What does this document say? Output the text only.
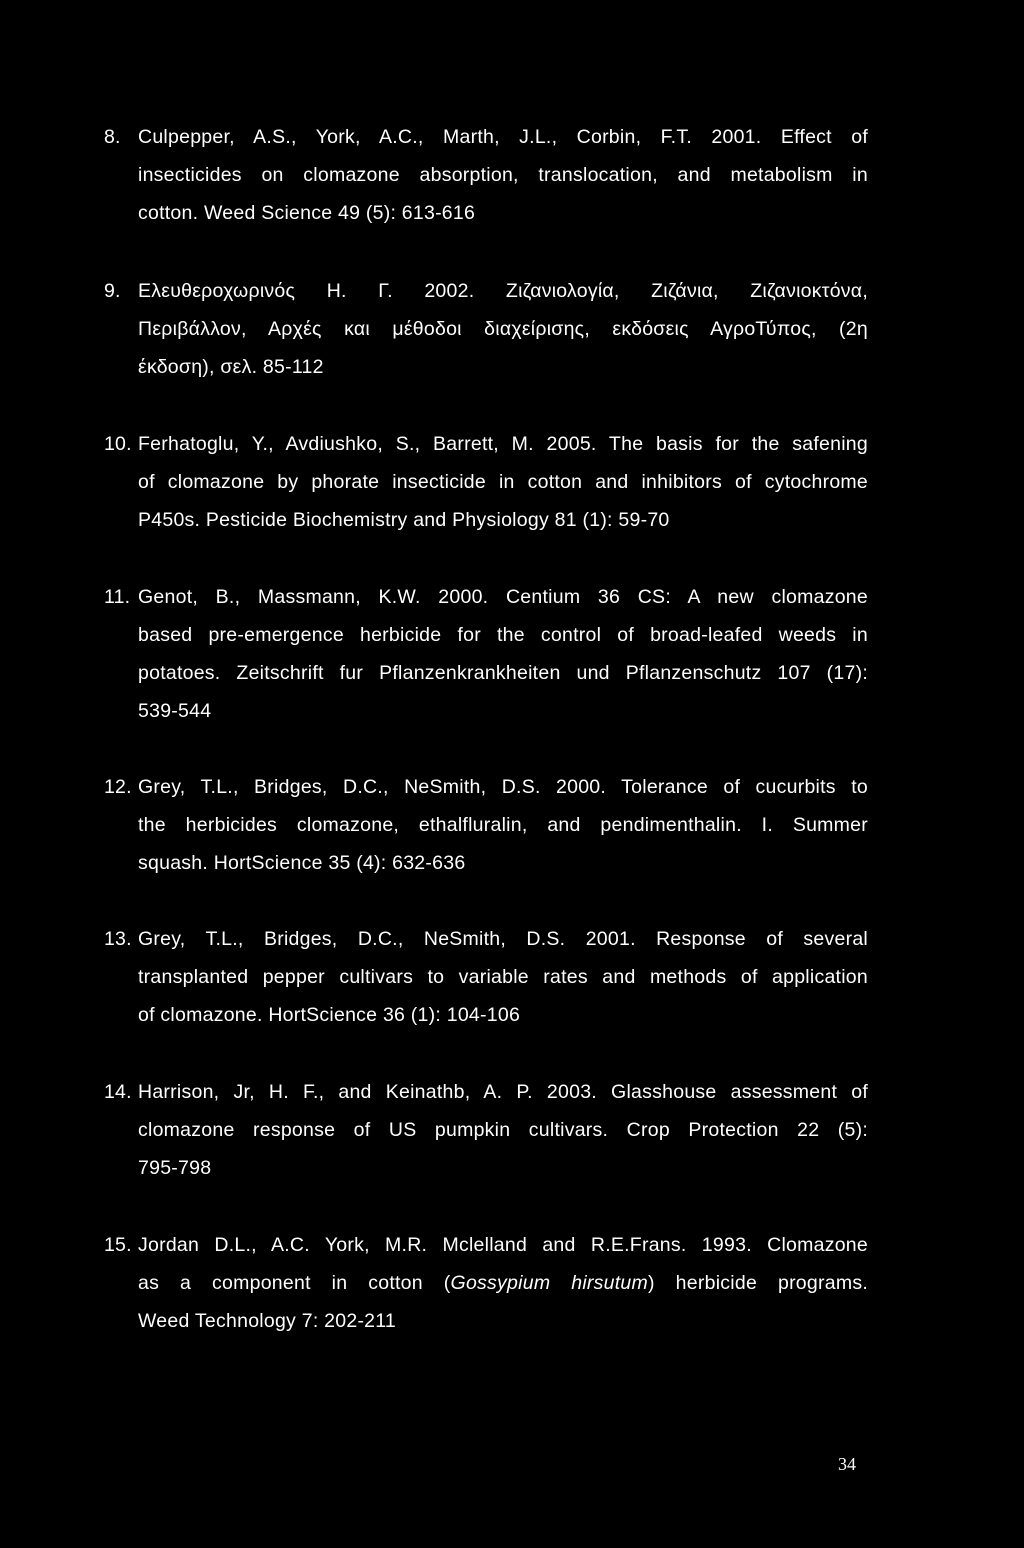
8. Culpepper, A.S., York, A.C., Marth, J.L., Corbin, F.T. 2001. Effect of
insecticides on clomazone absorption, translocation, and metabolism in
cotton. Weed Science 49 (5): 613-616
9. Ελευθεροχωρινός Η. Γ. 2002. Ζιζανιολογία, Ζιζάνια, Ζιζανιοκτόνα,
Περιβάλλον, Αρχές και μέθοδοι διαχείρισης, εκδόσεις ΑγροΤύπος, (2η
έκδοση), σελ. 85-112
10. Ferhatoglu, Y., Avdiushko, S., Barrett, M. 2005. The basis for the safening
of clomazone by phorate insecticide in cotton and inhibitors of cytochrome
P450s. Pesticide Biochemistry and Physiology 81 (1): 59-70
11. Genot, B., Massmann, K.W. 2000. Centium 36 CS: A new clomazone
based pre-emergence herbicide for the control of broad-leafed weeds in
potatoes. Zeitschrift fur Pflanzenkrankheiten und Pflanzenschutz 107 (17):
539-544
12. Grey, T.L., Bridges, D.C., NeSmith, D.S. 2000. Tolerance of cucurbits to
the herbicides clomazone, ethalfluralin, and pendimenthalin. I. Summer
squash. HortScience 35 (4): 632-636
13. Grey, T.L., Bridges, D.C., NeSmith, D.S. 2001. Response of several
transplanted pepper cultivars to variable rates and methods of application
of clomazone. HortScience 36 (1): 104-106
14. Harrison, Jr, H. F., and Keinathb, A. P. 2003. Glasshouse assessment of
clomazone response of US pumpkin cultivars. Crop Protection 22 (5):
795-798
15. Jordan D.L., A.C. York, M.R. Mclelland and R.E.Frans. 1993. Clomazone
as a component in cotton (Gossypium hirsutum) herbicide programs.
Weed Technology 7: 202-211
34
